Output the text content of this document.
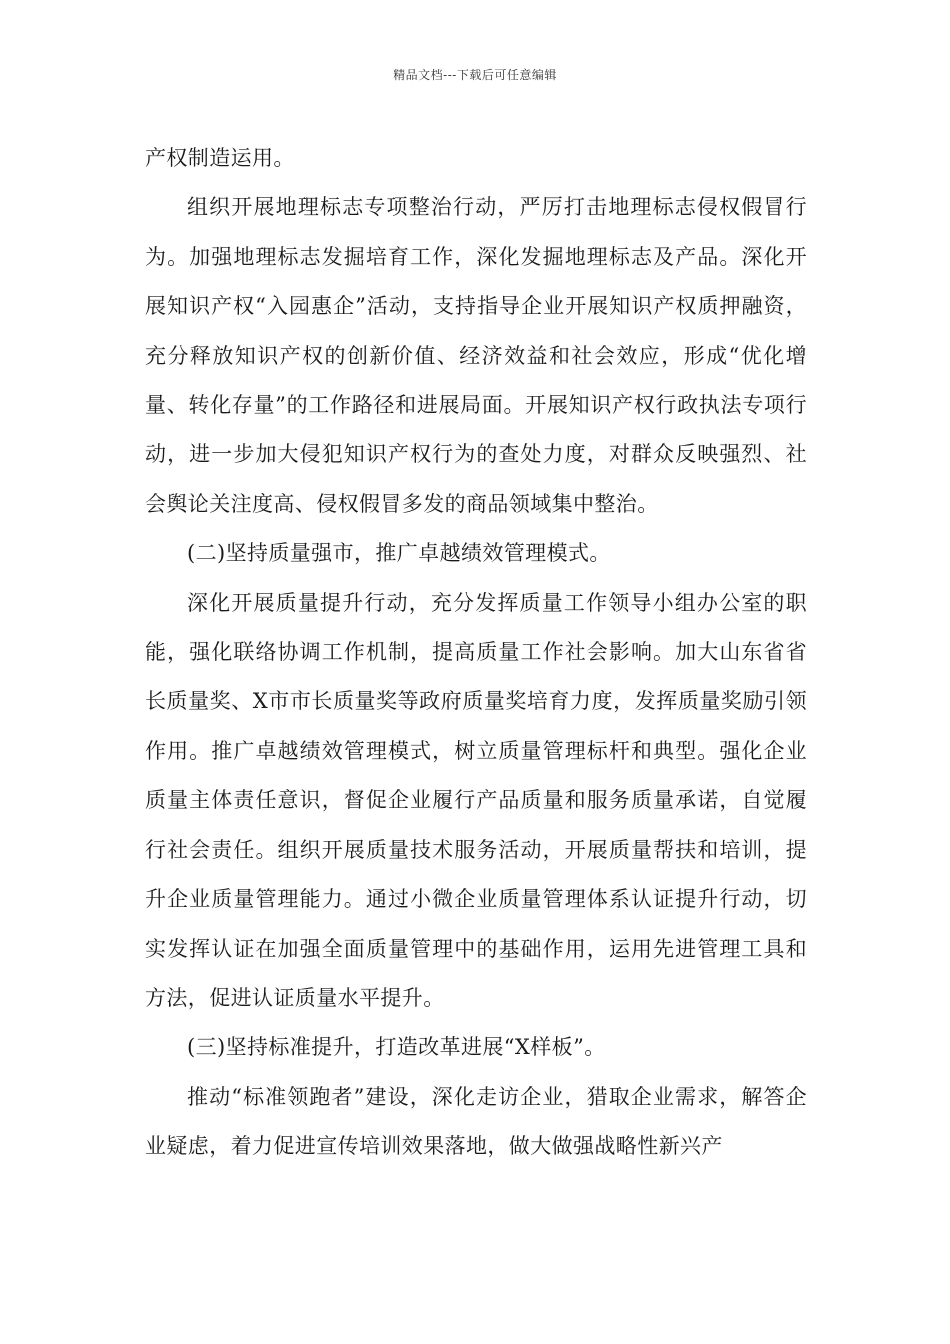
精品文档---下载后可任意编辑

产权制造运用。

组织开展地理标志专项整治行动，严厉打击地理标志侵权假冒行为。加强地理标志发掘培育工作，深化发掘地理标志及产品。深化开展知识产权“入园惠企”活动，支持指导企业开展知识产权质押融资，充分释放知识产权的创新价值、经济效益和社会效应，形成“优化增量、转化存量”的工作路径和进展局面。开展知识产权行政执法专项行动，进一步加大侵犯知识产权行为的查处力度，对群众反映强烈、社会舆论关注度高、侵权假冒多发的商品领域集中整治。

(二)坚持质量强市，推广卓越绩效管理模式。

深化开展质量提升行动，充分发挥质量工作领导小组办公室的职能，强化联络协调工作机制，提高质量工作社会影响。加大山东省省长质量奖、X市市长质量奖等政府质量奖培育力度，发挥质量奖励引领作用。推广卓越绩效管理模式，树立质量管理标杆和典型。强化企业质量主体责任意识，督促企业履行产品质量和服务质量承诺，自觉履行社会责任。组织开展质量技术服务活动，开展质量帮扶和培训，提升企业质量管理能力。通过小微企业质量管理体系认证提升行动，切实发挥认证在加强全面质量管理中的基础作用，运用先进管理工具和方法，促进认证质量水平提升。

(三)坚持标准提升，打造改革进展“X样板”。

推动“标准领跑者”建设，深化走访企业，猎取企业需求，解答企业疑虑，着力促进宣传培训效果落地，做大做强战略性新兴产
